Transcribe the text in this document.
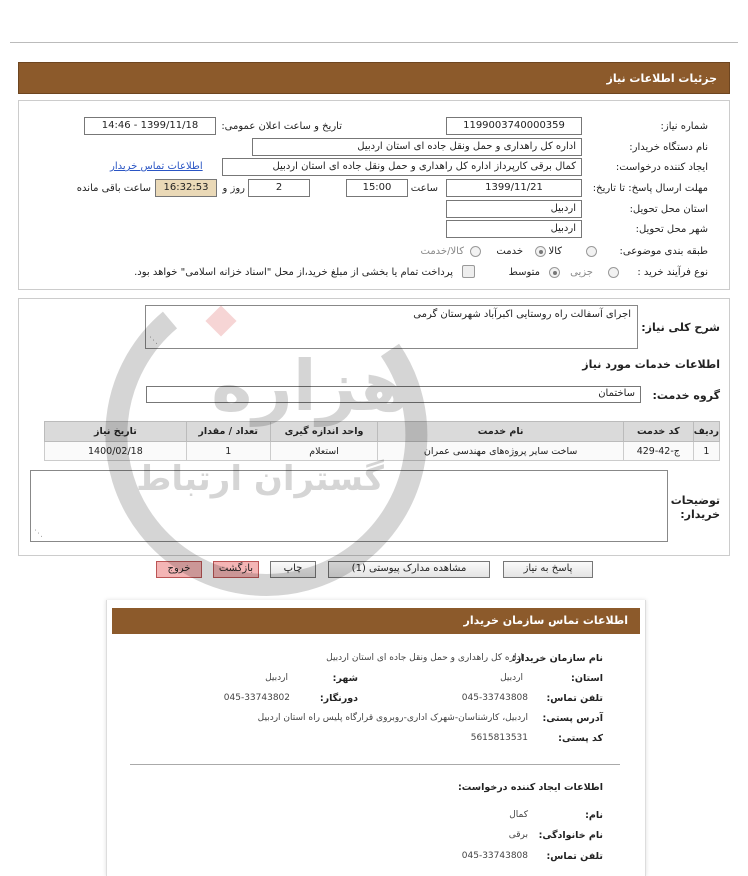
جزئیات اطلاعات نیاز
شماره نیاز:
1199003740000359
تاریخ و ساعت اعلان عمومی:
1399/11/18 - 14:46
نام دستگاه خریدار:
اداره کل راهداری و حمل ونقل جاده ای استان اردبیل
ایجاد کننده درخواست:
کمال برقی کارپرداز اداره کل راهداری و حمل ونقل جاده ای استان اردبیل
اطلاعات تماس خریدار
مهلت ارسال پاسخ: تا تاریخ:
1399/11/21
ساعت
15:00
2
روز و
16:32:53
ساعت باقی مانده
استان محل تحویل:
اردبیل
شهر محل تحویل:
اردبیل
طبقه بندی موضوعی:
کالا
خدمت
کالا/خدمت
نوع فرآیند خرید :
جزیی
متوسط
پرداخت تمام یا بخشی از مبلغ خرید،از محل "اسناد خزانه اسلامی" خواهد بود.
شرح کلی نیاز:
اجرای آسفالت راه روستایی اکبرآباد شهرستان گرمی
⋰
اطلاعات خدمات مورد نیاز
گروه خدمت:
ساختمان
ردیف	کد خدمت	نام خدمت	واحد اندازه گیری	تعداد / مقدار	تاریخ نیاز
1	ج-42-429	ساخت سایر پروژه‌های مهندسی عمران	استعلام	1	1400/02/18
توضیحات خریدار:
⋰
پاسخ به نیاز
مشاهده مدارک پیوستی (1)
چاپ
بازگشت
خروج
اطلاعات تماس سازمان خریدار
نام سازمان خریدار:
اداره کل راهداری و حمل ونقل جاده ای استان اردبیل
استان:
اردبیل
شهر:
اردبیل
تلفن تماس:
045-33743808
دورنگار:
045-33743802
آدرس پستی:
اردبیل، کارشناسان-شهرک اداری-روبروی قرارگاه پلیس راه استان اردبیل
کد پستی:
5615813531
اطلاعات ایجاد کننده درخواست:
نام:
کمال
نام خانوادگی:
برقی
تلفن تماس:
045-33743808
